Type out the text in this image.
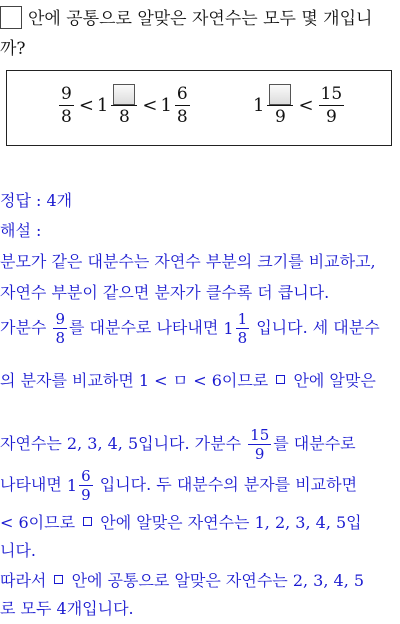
안에 공통으로 알맞은 자연수는 모두 몇 개입니
까?
$\frac{9}{8} < 1$
8
< $1 \frac{6}{8}$	1
9
< $\frac{15}{9}$
정답 : 4개
해설 :
분모가 같은 대분수는 자연수 부분의 크기를 비교하고,
자연수 부분이 같으면 분자가 클수록 더 큽니다.
가분수 $\frac{9}{8}$ 를 대분수로 나타내면 $1 \frac{1}{8}$ 입니다. 세 대분수
의 분자를 비교하면 1 < ㅁ < 6이므로 안에 알맞은
자연수는 2, 3, 4, 5입니다. 가분수 $\frac{15}{9}$ 를 대분수로
나타내면 $1 \frac{6}{9}$ 입니다. 두 대분수의 분자를 비교하면
< 6이므로 안에 알맞은 자연수는 1, 2, 3, 4, 5입
니다.
따라서 안에 공통으로 알맞은 자연수는 2, 3, 4, 5
로 모두 4개입니다.
